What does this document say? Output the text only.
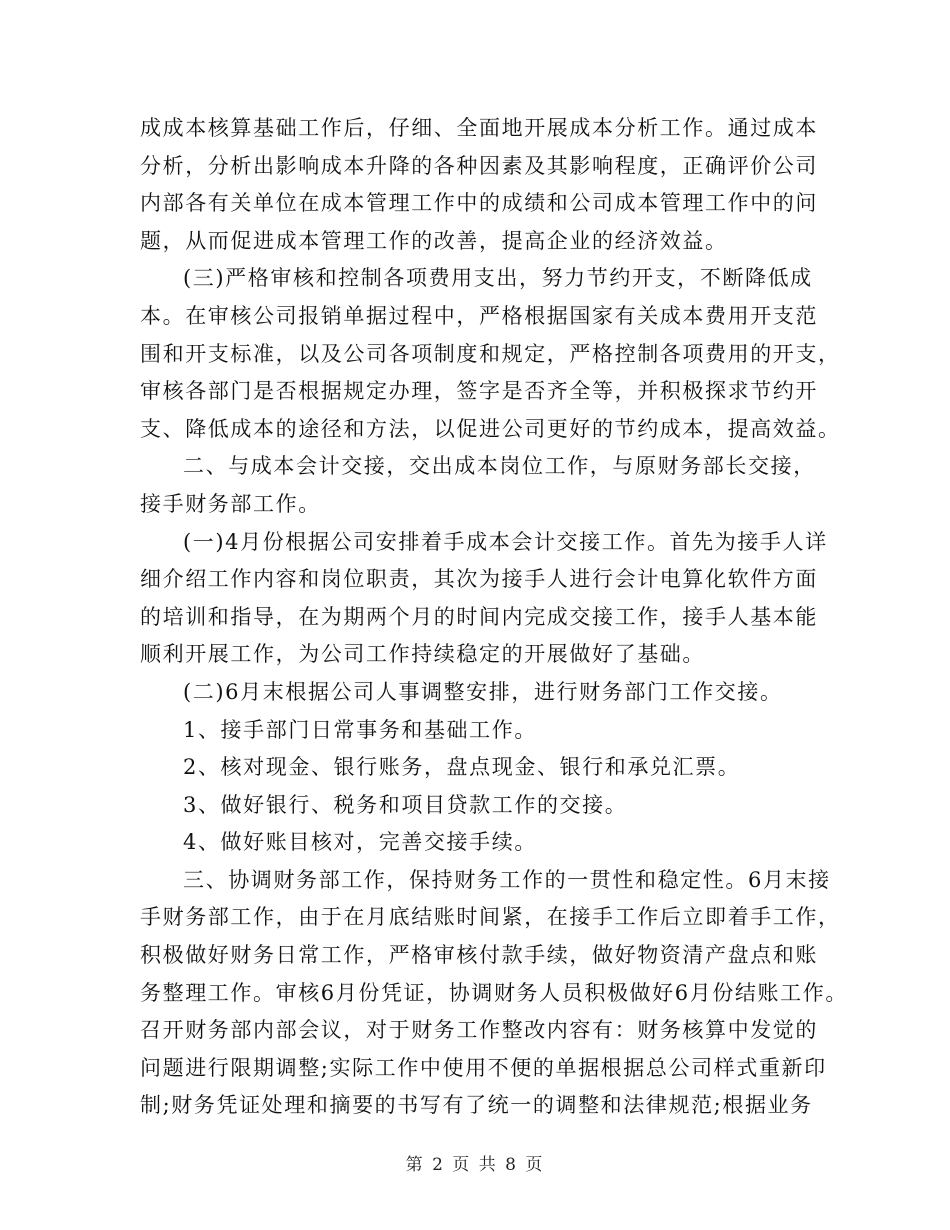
成成本核算基础工作后，仔细、全面地开展成本分析工作。通过成本
分析，分析出影响成本升降的各种因素及其影响程度，正确评价公司
内部各有关单位在成本管理工作中的成绩和公司成本管理工作中的问
题，从而促进成本管理工作的改善，提高企业的经济效益。
(三)严格审核和控制各项费用支出，努力节约开支，不断降低成
本。在审核公司报销单据过程中，严格根据国家有关成本费用开支范
围和开支标准，以及公司各项制度和规定，严格控制各项费用的开支，
审核各部门是否根据规定办理，签字是否齐全等，并积极探求节约开
支、降低成本的途径和方法，以促进公司更好的节约成本，提高效益。
二、与成本会计交接，交出成本岗位工作，与原财务部长交接，
接手财务部工作。
(一)4月份根据公司安排着手成本会计交接工作。首先为接手人详
细介绍工作内容和岗位职责，其次为接手人进行会计电算化软件方面
的培训和指导，在为期两个月的时间内完成交接工作，接手人基本能
顺利开展工作，为公司工作持续稳定的开展做好了基础。
(二)6月末根据公司人事调整安排，进行财务部门工作交接。
1、接手部门日常事务和基础工作。
2、核对现金、银行账务，盘点现金、银行和承兑汇票。
3、做好银行、税务和项目贷款工作的交接。
4、做好账目核对，完善交接手续。
三、协调财务部工作，保持财务工作的一贯性和稳定性。6月末接
手财务部工作，由于在月底结账时间紧，在接手工作后立即着手工作，
积极做好财务日常工作，严格审核付款手续，做好物资清产盘点和账
务整理工作。审核6月份凭证，协调财务人员积极做好6月份结账工作。
召开财务部内部会议，对于财务工作整改内容有：财务核算中发觉的
问题进行限期调整;实际工作中使用不便的单据根据总公司样式重新印
制;财务凭证处理和摘要的书写有了统一的调整和法律规范;根据业务
第 2 页 共 8 页
